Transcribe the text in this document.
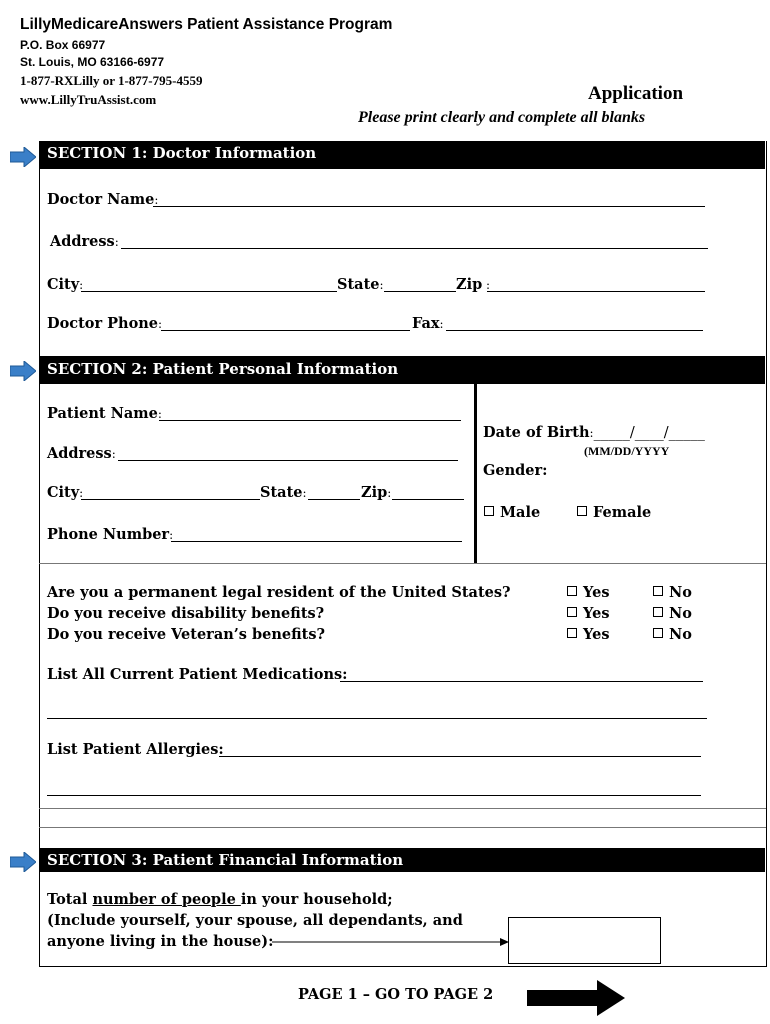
LillyMedicareAnswers Patient Assistance Program
P.O. Box 66977
St. Louis, MO 63166-6977
1-877-RXLilly or 1-877-795-4559
www.LillyTruAssist.com	Application
Please print clearly and complete all blanks
SECTION 1: Doctor Information
Doctor Name:
Address:
City:	State:	Zip :
Doctor Phone:	Fax:
SECTION 2: Patient Personal Information
Patient Name:
Address:
City:	State:	Zip:
Phone Number:
Date of Birth:_____/____/_____
(MM/DD/YYYY
Gender:
Male	Female
Are you a permanent legal resident of the United States?	Yes	No
Do you receive disability benefits?	Yes	No
Do you receive Veteran’s benefits?	Yes	No
List All Current Patient Medications:
List Patient Allergies:
SECTION 3: Patient Financial Information
Total number of people in your household;
(Include yourself, your spouse, all dependants, and
anyone living in the house):
PAGE 1 – GO TO PAGE 2
